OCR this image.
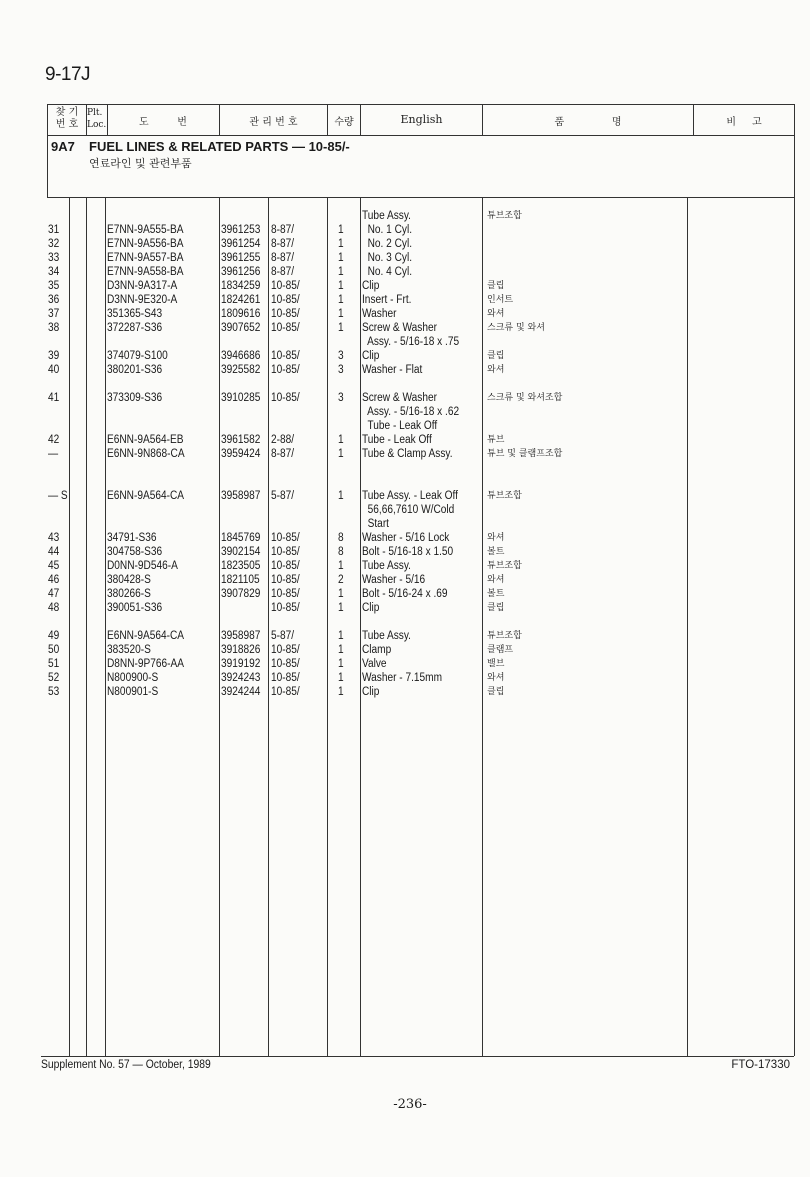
9-17J
찾 기
번 호
Plt.
Loc.	도         번	관 리 번 호	수량	English	품               명	비     고
9A7 FUEL LINES & RELATED PARTS — 10-85/-
연료라인 및 관련부품
Tube Assy.	튜브조합
31	E7NN-9A555-BA	3961253 8-87/	1	No. 1 Cyl.
32	E7NN-9A556-BA	3961254 8-87/	1	No. 2 Cyl.
33	E7NN-9A557-BA	3961255 8-87/	1	No. 3 Cyl.
34	E7NN-9A558-BA	3961256 8-87/	1	No. 4 Cyl.
35	D3NN-9A317-A	1834259 10-85/	1	Clip	클립
36	D3NN-9E320-A	1824261 10-85/	1	Insert - Frt.	인서트
37	351365-S43	1809616 10-85/	1	Washer	와셔
38	372287-S36	3907652 10-85/	1	Screw & Washer	스크류 및 와셔
Assy. - 5/16-18 x .75
39	374079-S100	3946686 10-85/	3	Clip	클립
40	380201-S36	3925582 10-85/	3	Washer - Flat	와셔
41	373309-S36	3910285 10-85/	3	Screw & Washer	스크류 및 와셔조합
Assy. - 5/16-18 x .62
Tube - Leak Off
42	E6NN-9A564-EB	3961582 2-88/	1	Tube - Leak Off	튜브
—	E6NN-9N868-CA	3959424 8-87/	1	Tube & Clamp Assy.	튜브 및 클램프조합
— S	E6NN-9A564-CA	3958987 5-87/	1	Tube Assy. - Leak Off	튜브조합
56,66,7610 W/Cold
Start
43	34791-S36	1845769 10-85/	8	Washer - 5/16 Lock	와셔
44	304758-S36	3902154 10-85/	8	Bolt - 5/16-18 x 1.50	볼트
45	D0NN-9D546-A	1823505 10-85/	1	Tube Assy.	튜브조합
46	380428-S	1821105 10-85/	2	Washer - 5/16	와셔
47	380266-S	3907829 10-85/	1	Bolt - 5/16-24 x .69	볼트
48	390051-S36	10-85/	1	Clip	클립
49	E6NN-9A564-CA	3958987 5-87/	1	Tube Assy.	튜브조합
50	383520-S	3918826 10-85/	1	Clamp	클램프
51	D8NN-9P766-AA	3919192 10-85/	1	Valve	밸브
52	N800900-S	3924243 10-85/	1	Washer - 7.15mm	와셔
53	N800901-S	3924244 10-85/	1	Clip	클립
Supplement No. 57 — October, 1989	FTO-17330
-236-
